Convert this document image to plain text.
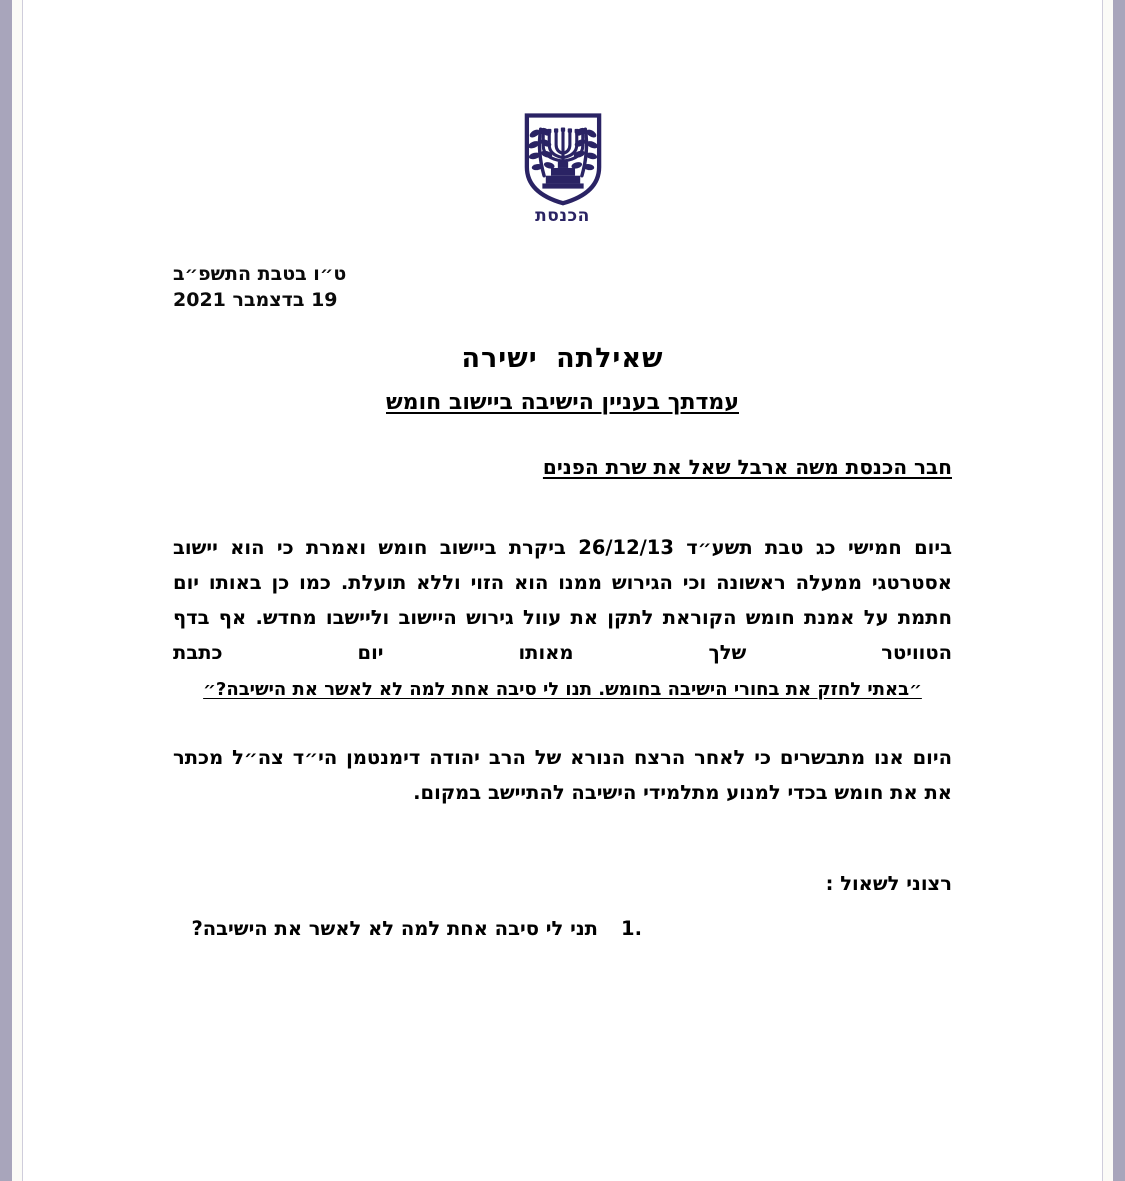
הכנסת
ט״ו בטבת התשפ״ב
19 בדצמבר 2021
שאילתה ישירה
עמדתך בעניין הישיבה ביישוב חומש
חבר הכנסת משה ארבל שאל את שרת הפנים

ביום חמישי כג טבת תשע״ד 26/12/13 ביקרת ביישוב חומש ואמרת כי הוא יישוב אסטרטגי ממעלה ראשונה וכי הגירוש ממנו הוא הזוי וללא תועלת. כמו כן באותו יום חתמת על אמנת חומש הקוראת לתקן את עוול גירוש היישוב ולייׁשבו מחדש. אף בדף הטוויטר שלך מאותו יום כתבת
״באתי לחזק את בחורי הישיבה בחומש. תנו לי סיבה אחת למה לא לאשר את הישיבה?״

היום אנו מתבשרים כי לאחר הרצח הנורא של הרב יהודה דימנטמן הי״ד צה״ל מכתר את את חומש בכדי למנוע מתלמידי הישיבה להתיישב במקום.

רצוני לשאול :
1.
תני לי סיבה אחת למה לא לאשר את הישיבה?
